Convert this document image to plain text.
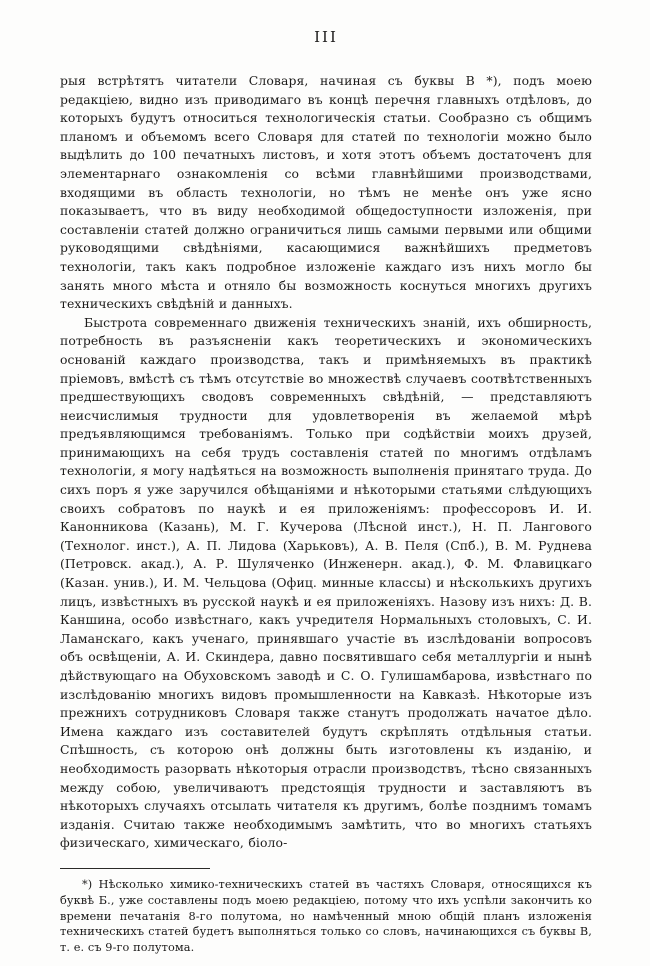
III

рыя встрѣтятъ читатели Словаря, начиная съ буквы В *), подъ моею редакціею, видно изъ приводимаго въ концѣ перечня главныхъ отдѣловъ, до которыхъ будутъ относиться технологическія статьи. Сообразно съ общимъ планомъ и объемомъ всего Словаря для статей по технологіи можно было выдѣлить до 100 печатныхъ листовъ, и хотя этотъ объемъ достаточенъ для элементарнаго ознакомленія со всѣми главнѣйшими производствами, входящими въ область технологіи, но тѣмъ не менѣе онъ уже ясно показываетъ, что въ виду необходимой общедоступности изложенія, при составленіи статей должно ограничиться лишь самыми первыми или общими руководящими свѣдѣніями, касающимися важнѣйшихъ предметовъ технологіи, такъ какъ подробное изложеніе каждаго изъ нихъ могло бы занять много мѣста и отняло бы возможность коснуться многихъ другихъ техническихъ свѣдѣній и данныхъ.

Быстрота современнаго движенія техническихъ знаній, ихъ обширность, потребность въ разъясненіи какъ теоретическихъ и экономическихъ основаній каждаго производства, такъ и примѣняемыхъ въ практикѣ пріемовъ, вмѣстѣ съ тѣмъ отсутствіе во множествѣ случаевъ соотвѣтственныхъ предшествующихъ сводовъ современныхъ свѣдѣній, — представляютъ неисчислимыя трудности для удовлетворенія въ желаемой мѣрѣ предъявляющимся требованіямъ. Только при содѣйствіи моихъ друзей, принимающихъ на себя трудъ составленія статей по многимъ отдѣламъ технологіи, я могу надѣяться на возможность выполненія принятаго труда. До сихъ поръ я уже заручился обѣщаніями и нѣкоторыми статьями слѣдующихъ своихъ собратовъ по наукѣ и ея приложеніямъ: профессоровъ И. И. Канонникова (Казань), М. Г. Кучерова (Лѣсной инст.), Н. П. Лангового (Технолог. инст.), А. П. Лидова (Харьковъ), А. В. Пеля (Спб.), В. М. Руднева (Петровск. акад.), А. Р. Шуляченко (Инженерн. акад.), Ф. М. Флавицкаго (Казан. унив.), И. М. Чельцова (Офиц. минные классы) и нѣсколькихъ другихъ лицъ, извѣстныхъ въ русской наукѣ и ея приложеніяхъ. Назову изъ нихъ: Д. В. Каншина, особо извѣстнаго, какъ учредителя Нормальныхъ столовыхъ, С. И. Ламанскаго, какъ ученаго, принявшаго участіе въ изслѣдованіи вопросовъ объ освѣщеніи, А. И. Скиндера, давно посвятившаго себя металлургіи и нынѣ дѣйствующаго на Обуховскомъ заводѣ и С. О. Гулишамбарова, извѣстнаго по изслѣдованію многихъ видовъ промышленности на Кавказѣ. Нѣкоторые изъ прежнихъ сотрудниковъ Словаря также станутъ продолжать начатое дѣло. Имена каждаго изъ составителей будутъ скрѣплять отдѣльныя статьи. Спѣшность, съ которою онѣ должны быть изготовлены къ изданію, и необходимость разорвать нѣкоторыя отрасли производствъ, тѣсно связанныхъ между собою, увеличиваютъ предстоящія трудности и заставляютъ въ нѣкоторыхъ случаяхъ отсылать читателя къ другимъ, болѣе позднимъ томамъ изданія. Считаю также необходимымъ замѣтить, что во многихъ статьяхъ физическаго, химическаго, біоло-

*) Нѣсколько химико-техническихъ статей въ частяхъ Словаря, относящихся къ буквѣ Б., уже составлены подъ моею редакціею, потому что ихъ успѣли закончить ко времени печатанія 8-го полутома, но намѣченный мною общій планъ изложенія техническихъ статей будетъ выполняться только со словъ, начинающихся съ буквы В, т. е. съ 9-го полутома.
